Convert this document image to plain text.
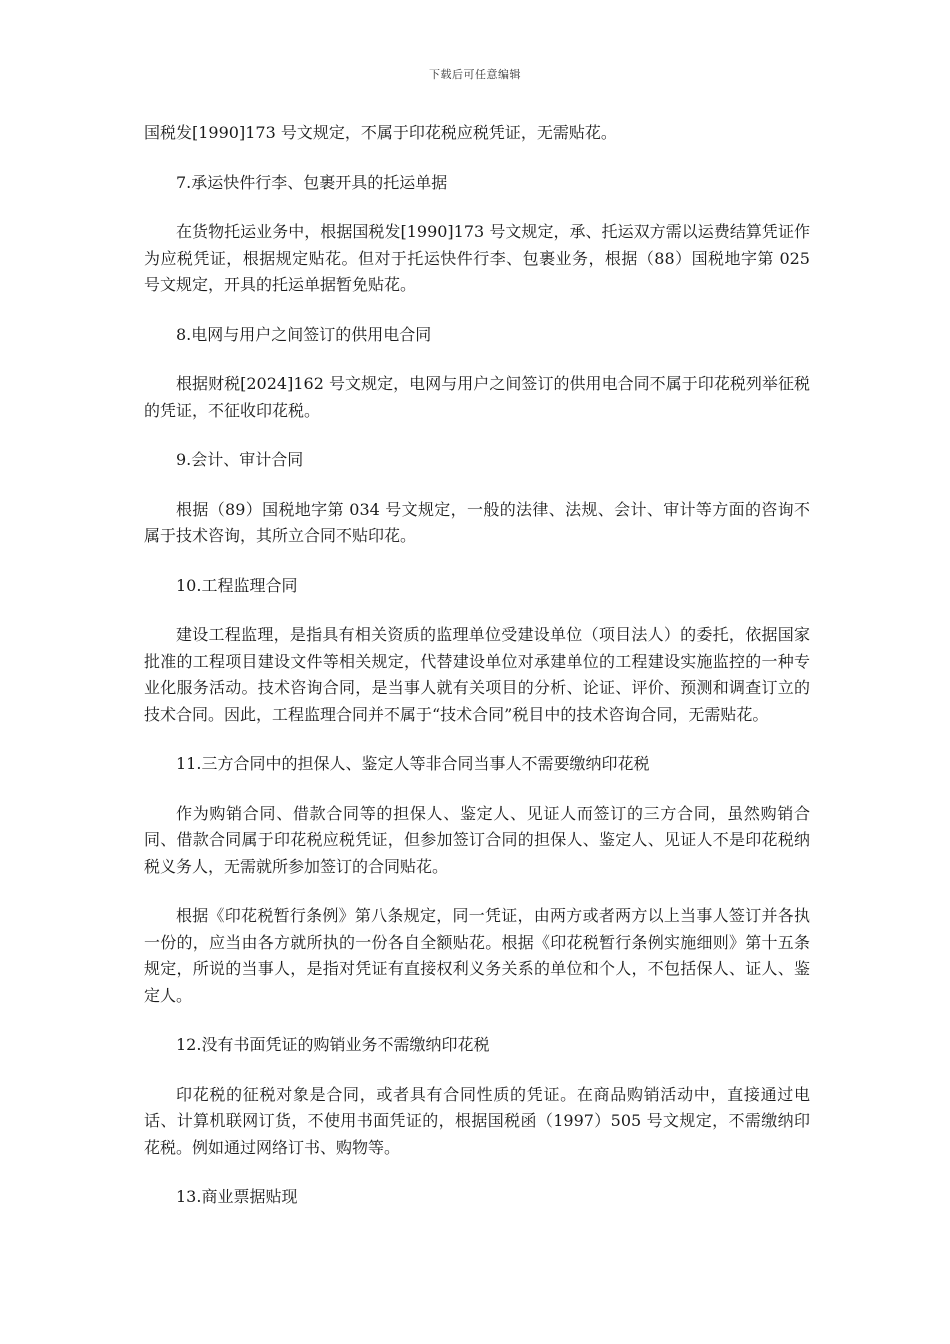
下载后可任意编辑

国税发[1990]173 号文规定，不属于印花税应税凭证，无需贴花。

7.承运快件行李、包裹开具的托运单据

在货物托运业务中，根据国税发[1990]173 号文规定，承、托运双方需以运费结算凭证作为应税凭证，根据规定贴花。但对于托运快件行李、包裹业务，根据（88）国税地字第 025 号文规定，开具的托运单据暂免贴花。

8.电网与用户之间签订的供用电合同

根据财税[2024]162 号文规定，电网与用户之间签订的供用电合同不属于印花税列举征税的凭证，不征收印花税。

9.会计、审计合同

根据（89）国税地字第 034 号文规定，一般的法律、法规、会计、审计等方面的咨询不属于技术咨询，其所立合同不贴印花。

10.工程监理合同

建设工程监理，是指具有相关资质的监理单位受建设单位（项目法人）的委托，依据国家批准的工程项目建设文件等相关规定，代替建设单位对承建单位的工程建设实施监控的一种专业化服务活动。技术咨询合同，是当事人就有关项目的分析、论证、评价、预测和调查订立的技术合同。因此，工程监理合同并不属于“技术合同”税目中的技术咨询合同，无需贴花。

11.三方合同中的担保人、鉴定人等非合同当事人不需要缴纳印花税

作为购销合同、借款合同等的担保人、鉴定人、见证人而签订的三方合同，虽然购销合同、借款合同属于印花税应税凭证，但参加签订合同的担保人、鉴定人、见证人不是印花税纳税义务人，无需就所参加签订的合同贴花。

根据《印花税暂行条例》第八条规定，同一凭证，由两方或者两方以上当事人签订并各执一份的，应当由各方就所执的一份各自全额贴花。根据《印花税暂行条例实施细则》第十五条规定，所说的当事人，是指对凭证有直接权利义务关系的单位和个人，不包括保人、证人、鉴定人。

12.没有书面凭证的购销业务不需缴纳印花税

印花税的征税对象是合同，或者具有合同性质的凭证。在商品购销活动中，直接通过电话、计算机联网订货，不使用书面凭证的，根据国税函（1997）505 号文规定，不需缴纳印花税。例如通过网络订书、购物等。

13.商业票据贴现
